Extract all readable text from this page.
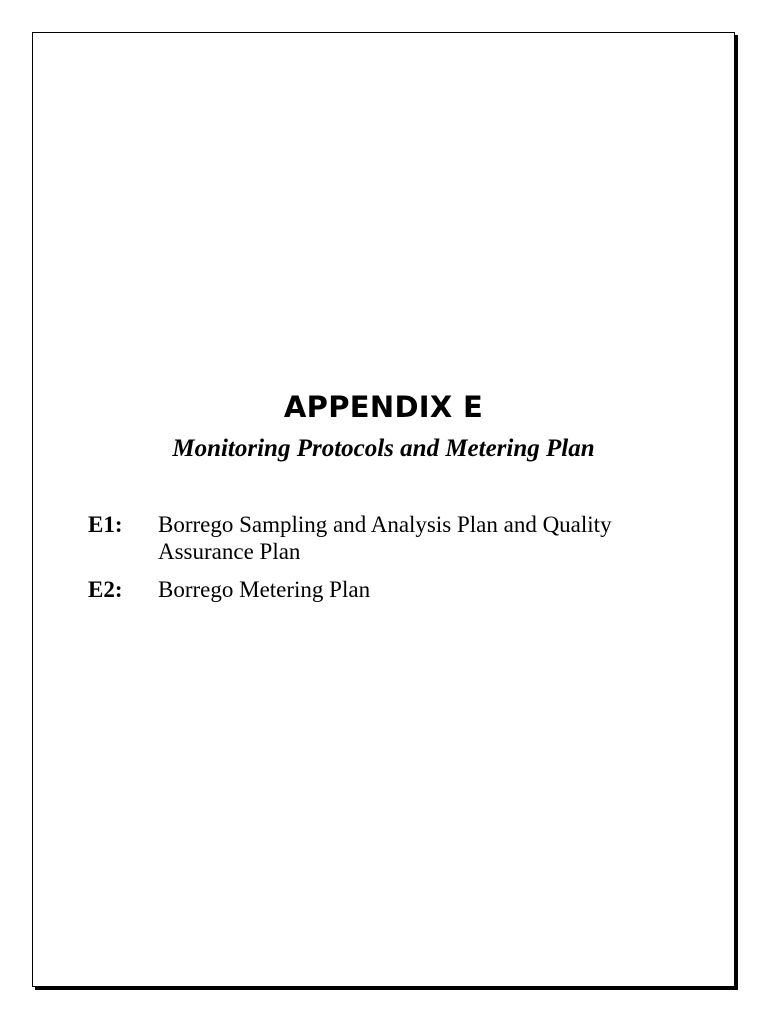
APPENDIX E
Monitoring Protocols and Metering Plan
E1:	Borrego Sampling and Analysis Plan and Quality Assurance Plan
E2:	Borrego Metering Plan
